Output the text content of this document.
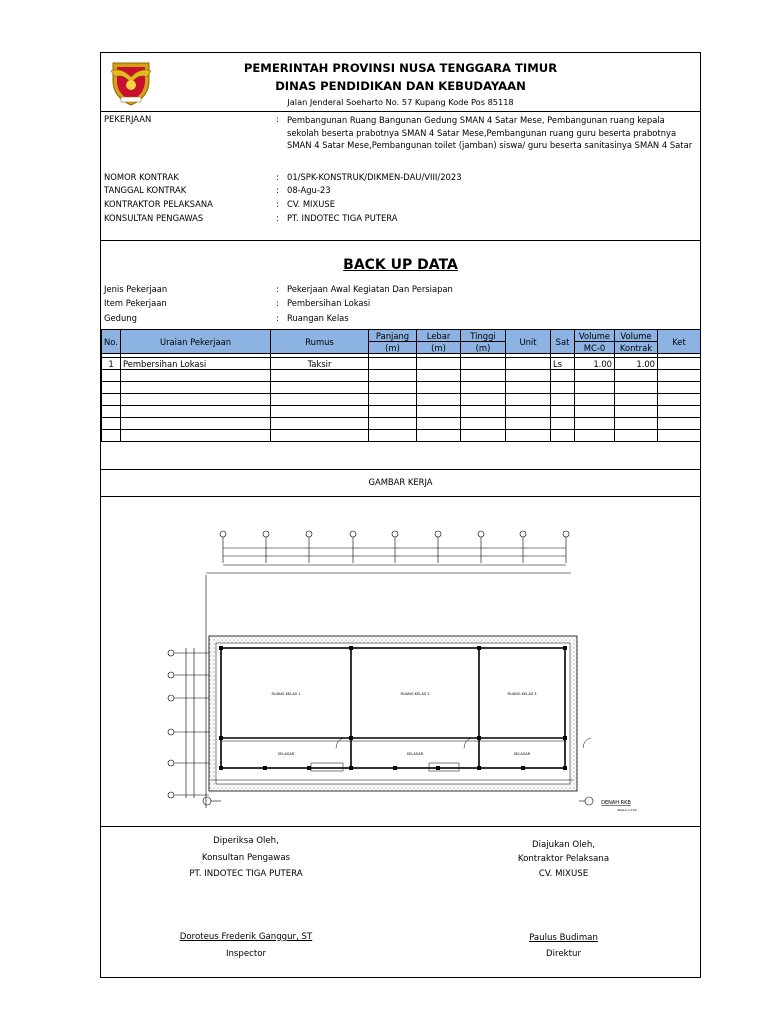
PEMERINTAH PROVINSI NUSA TENGGARA TIMUR
DINAS PENDIDIKAN DAN KEBUDAYAAN
Jalan Jenderal Soeharto No. 57 Kupang Kode Pos 85118
PEKERJAAN	: Pembangunan Ruang Bangunan Gedung SMAN 4 Satar Mese, Pembangunan ruang kepala sekolah beserta prabotnya SMAN 4 Satar Mese,Pembangunan ruang guru beserta prabotnya SMAN 4 Satar Mese,Pembangunan toilet (jamban) siswa/ guru beserta sanitasinya SMAN 4 Satar
NOMOR KONTRAK	: 01/SPK-KONSTRUK/DIKMEN-DAU/VIII/2023
TANGGAL KONTRAK	: 08-Agu-23
KONTRAKTOR PELAKSANA	: CV. MIXUSE
KONSULTAN PENGAWAS	: PT. INDOTEC TIGA PUTERA
BACK UP DATA
Jenis Pekerjaan	: Pekerjaan Awal Kegiatan Dan Persiapan
Item Pekerjaan	: Pembersihan Lokasi
Gedung	: Ruangan Kelas
No.	Uraian Pekerjaan	Rumus	Panjang	Lebar	Tinggi	Unit	Sat	Volume	Volume	Ket
			(m)	(m)	(m)			MC-0	Kontrak	

1	Pembersihan Lokasi	Taksir					Ls	1.00	1.00	

GAMBAR KERJA
RUANG KELAS 1	RUANG KELAS 2	RUANG KELAS 3
SELASAR	SELASAR	SELASAR
DENAH RKB
SKALA 1:100
Diperiksa Oleh,
Konsultan Pengawas
PT. INDOTEC TIGA PUTERA
Doroteus Frederik Ganggur, ST
Inspector
Diajukan Oleh,
Kontraktor Pelaksana
CV. MIXUSE
Paulus Budiman
Direktur
